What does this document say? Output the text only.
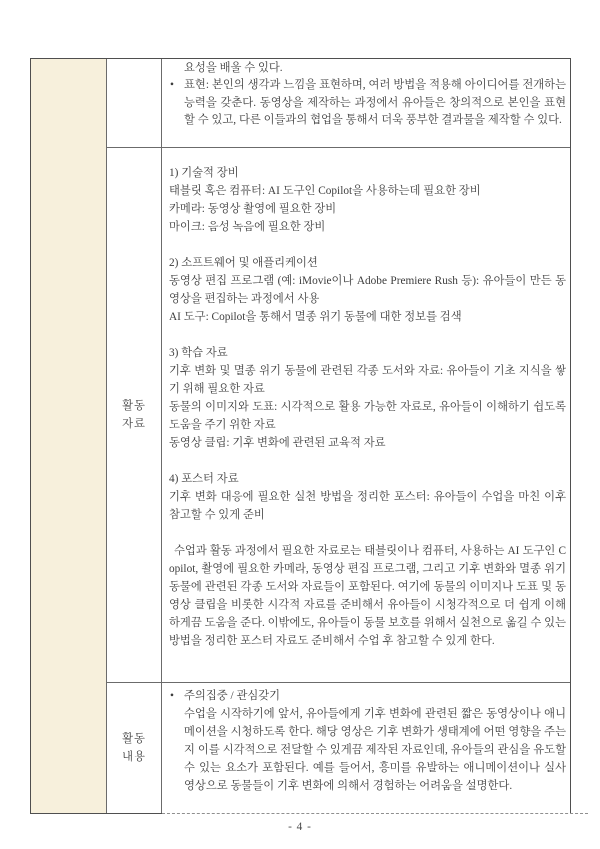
요성을 배울 수 있다.
• 표현: 본인의 생각과 느낌을 표현하며, 여러 방법을 적용해 아이디어를 전개하는 능력을 갖춘다. 동영상을 제작하는 과정에서 유아들은 창의적으로 본인을 표현할 수 있고, 다른 이들과의 협업을 통해서 더욱 풍부한 결과물을 제작할 수 있다.
활동
자료
1) 기술적 장비
태블릿 혹은 컴퓨터: AI 도구인 Copilot을 사용하는데 필요한 장비
카메라: 동영상 촬영에 필요한 장비
마이크: 음성 녹음에 필요한 장비
2) 소프트웨어 및 애플리케이션
동영상 편집 프로그램 (예: iMovie이나 Adobe Premiere Rush 등): 유아들이 만든 동영상을 편집하는 과정에서 사용
AI 도구: Copilot을 통해서 멸종 위기 동물에 대한 정보를 검색
3) 학습 자료
기후 변화 및 멸종 위기 동물에 관련된 각종 도서와 자료: 유아들이 기초 지식을 쌓기 위해 필요한 자료
동물의 이미지와 도표: 시각적으로 활용 가능한 자료로, 유아들이 이해하기 쉽도록 도움을 주기 위한 자료
동영상 클립: 기후 변화에 관련된 교육적 자료
4) 포스터 자료
기후 변화 대응에 필요한 실천 방법을 정리한 포스터: 유아들이 수업을 마친 이후 참고할 수 있게 준비
수업과 활동 과정에서 필요한 자료로는 태블릿이나 컴퓨터, 사용하는 AI 도구인 Copilot, 촬영에 필요한 카메라, 동영상 편집 프로그램, 그리고 기후 변화와 멸종 위기 동물에 관련된 각종 도서와 자료들이 포함된다. 여기에 동물의 이미지나 도표 및 동영상 클립을 비롯한 시각적 자료를 준비해서 유아들이 시청각적으로 더 쉽게 이해하게끔 도움을 준다. 이밖에도, 유아들이 동물 보호를 위해서 실천으로 옮길 수 있는 방법을 정리한 포스터 자료도 준비해서 수업 후 참고할 수 있게 한다.
활동
내용
• 주의집중 / 관심갖기
수업을 시작하기에 앞서, 유아들에게 기후 변화에 관련된 짧은 동영상이나 애니메이션을 시청하도록 한다. 해당 영상은 기후 변화가 생태계에 어떤 영향을 주는지 이를 시각적으로 전달할 수 있게끔 제작된 자료인데, 유아들의 관심을 유도할 수 있는 요소가 포함된다. 예를 들어서, 흥미를 유발하는 애니메이션이나 실사 영상으로 동물들이 기후 변화에 의해서 경험하는 어려움을 설명한다.
- 4 -
